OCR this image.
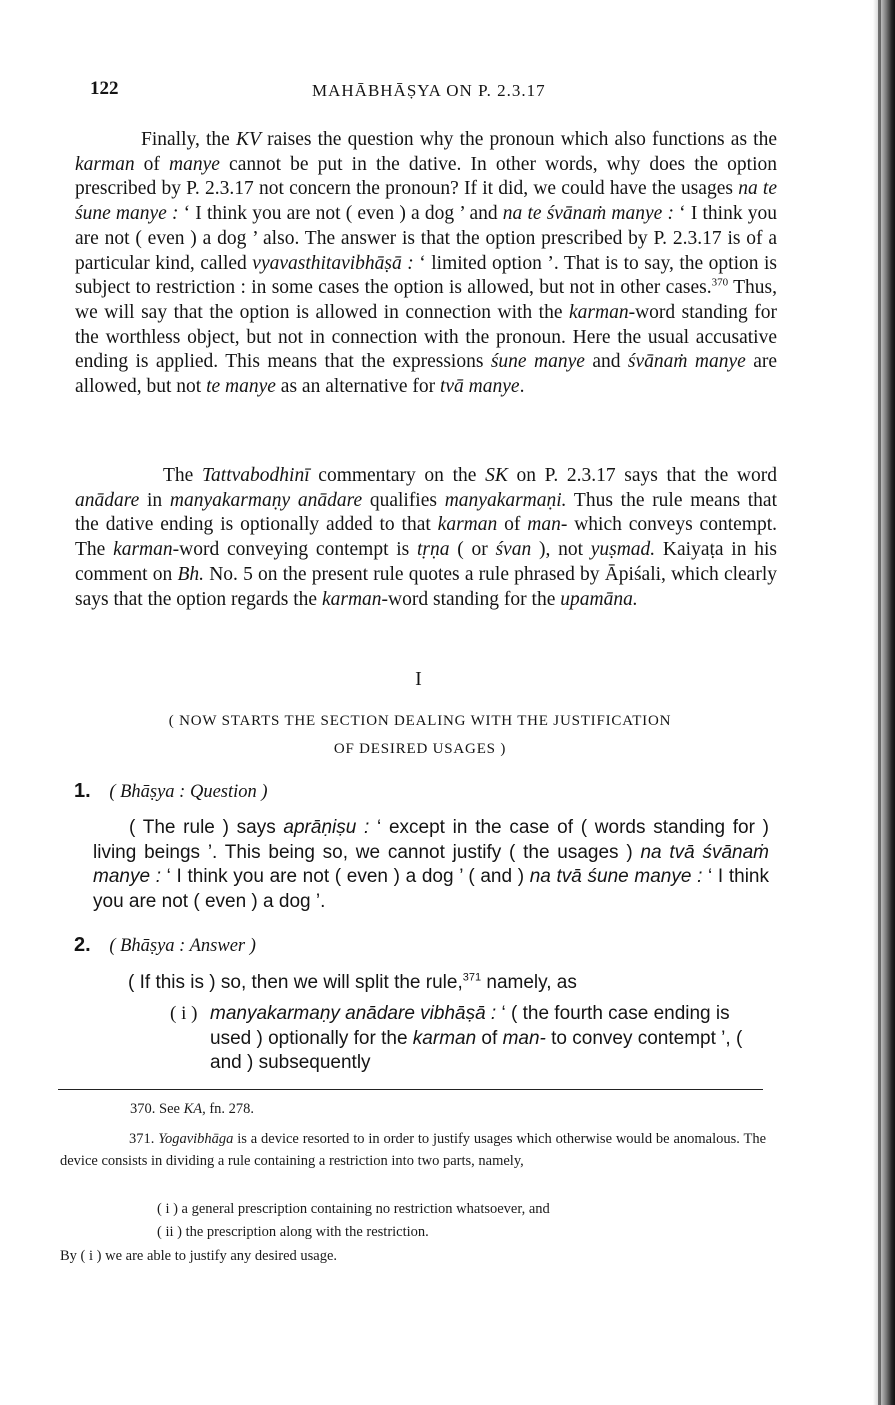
122	MAHĀBHĀṢYA ON P. 2.3.17

Finally, the KV raises the question why the pronoun which also functions as the karman of manye cannot be put in the dative. In other words, why does the option prescribed by P. 2.3.17 not concern the pronoun? If it did, we could have the usages na te śune manye : ‘ I think you are not ( even ) a dog ’ and na te śvānaṁ manye : ‘ I think you are not ( even ) a dog ’ also. The answer is that the option prescribed by P. 2.3.17 is of a particular kind, called vyavasthitavibhāṣā : ‘ limited option ’. That is to say, the option is subject to restriction : in some cases the option is allowed, but not in other cases.$^{370}$ Thus, we will say that the option is allowed in connection with the karman-word standing for the worthless object, but not in connection with the pronoun. Here the usual accusative ending is applied. This means that the expressions śune manye and śvānaṁ manye are allowed, but not te manye as an alternative for tvā manye.

The Tattvabodhinī commentary on the SK on P. 2.3.17 says that the word anādare in manyakarmaṇy anādare qualifies manyakarmaṇi. Thus the rule means that the dative ending is optionally added to that karman of man- which conveys contempt. The karman-word conveying contempt is tṛṇa ( or śvan ), not yuṣmad. Kaiyaṭa in his comment on Bh. No. 5 on the present rule quotes a rule phrased by Āpiśali, which clearly says that the option regards the karman-word standing for the upamāna.

I
( NOW STARTS THE SECTION DEALING WITH THE JUSTIFICATION
OF DESIRED USAGES )
1. ( Bhāṣya : Question )

( The rule ) says aprāṇiṣu : ‘ except in the case of ( words standing for ) living beings ’. This being so, we cannot justify ( the usages ) na tvā śvānaṁ manye : ‘ I think you are not ( even ) a dog ’ ( and ) na tvā śune manye : ‘ I think you are not ( even ) a dog ’.

2. ( Bhāṣya : Answer )
( If this is ) so, then we will split the rule,$^{371}$ namely, as
( i ) manyakarmaṇy anādare vibhāṣā : ‘ ( the fourth case ending is used ) optionally for the karman of man- to convey contempt ’, ( and ) subsequently
370. See KA, fn. 278.
371. Yogavibhāga is a device resorted to in order to justify usages which otherwise would be anomalous. The device consists in dividing a rule containing a restriction into two parts, namely,
( i ) a general prescription containing no restriction whatsoever, and
( ii ) the prescription along with the restriction.
By ( i ) we are able to justify any desired usage.
